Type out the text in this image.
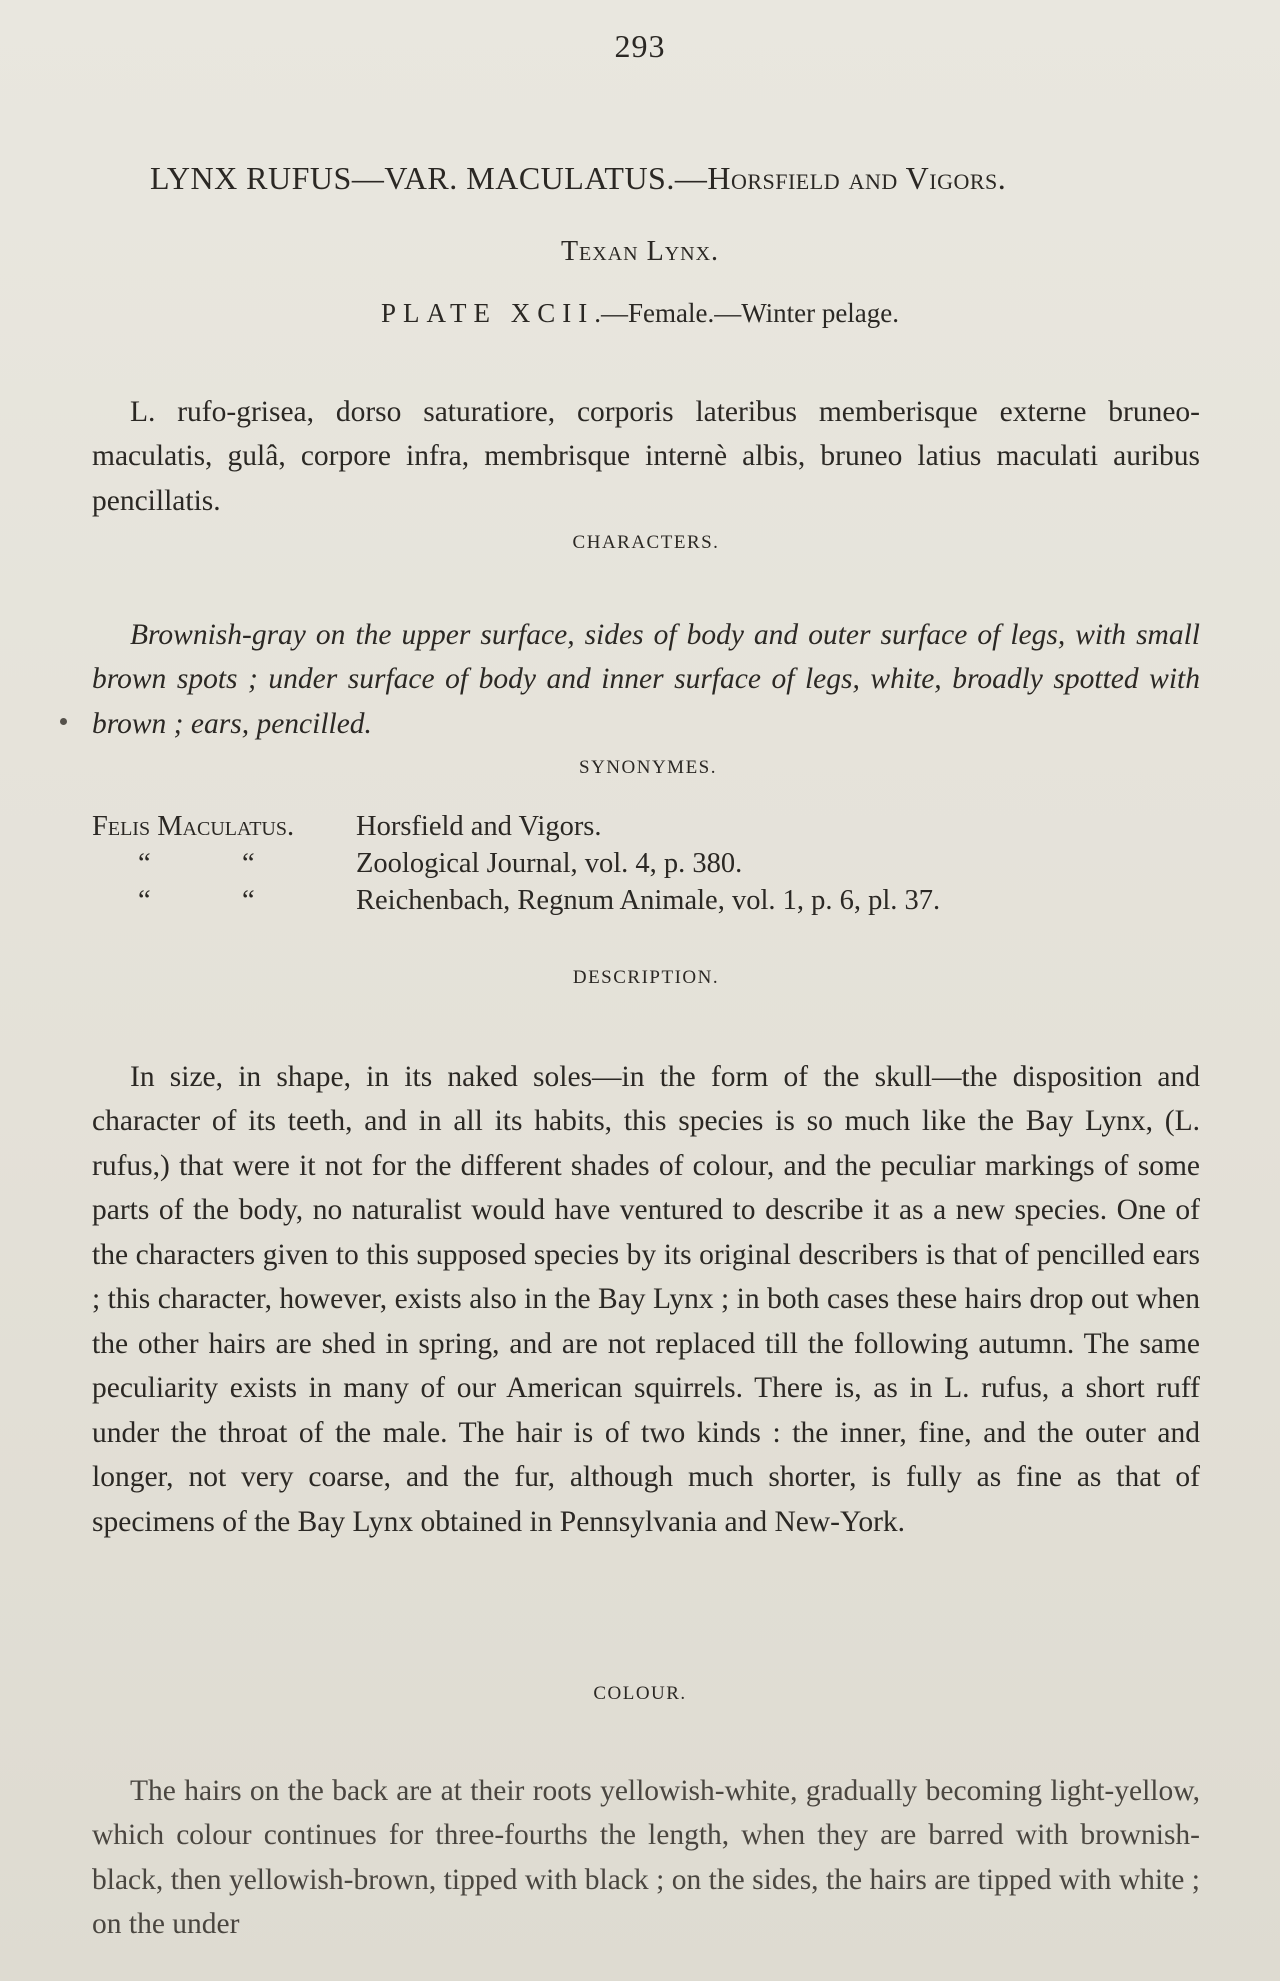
293
LYNX RUFUS—VAR. MACULATUS.—Horsfield and Vigors.
Texan Lynx.
PLATE XCII.—Female.—Winter pelage.

L. rufo-grisea, dorso saturatiore, corporis lateribus memberisque externe bruneo-maculatis, gulâ, corpore infra, membrisque internè albis, bruneo latius maculati auribus pencillatis.

CHARACTERS.

Brownish-gray on the upper surface, sides of body and outer surface of legs, with small brown spots ; under surface of body and inner surface of legs, white, broadly spotted with brown ; ears, pencilled.

SYNONYMES.
Felis Maculatus. Horsfield and Vigors.
“	“	Zoological Journal, vol. 4, p. 380.
“	“	Reichenbach, Regnum Animale, vol. 1, p. 6, pl. 37.
DESCRIPTION.

In size, in shape, in its naked soles—in the form of the skull—the disposition and character of its teeth, and in all its habits, this species is so much like the Bay Lynx, (L. rufus,) that were it not for the different shades of colour, and the peculiar markings of some parts of the body, no naturalist would have ventured to describe it as a new species. One of the characters given to this supposed species by its original describers is that of pencilled ears ; this character, however, exists also in the Bay Lynx ; in both cases these hairs drop out when the other hairs are shed in spring, and are not replaced till the following autumn. The same peculiarity exists in many of our American squirrels. There is, as in L. rufus, a short ruff under the throat of the male. The hair is of two kinds : the inner, fine, and the outer and longer, not very coarse, and the fur, although much shorter, is fully as fine as that of specimens of the Bay Lynx obtained in Pennsylvania and New-York.

COLOUR.

The hairs on the back are at their roots yellowish-white, gradually becoming light-yellow, which colour continues for three-fourths the length, when they are barred with brownish-black, then yellowish-brown, tipped with black ; on the sides, the hairs are tipped with white ; on the under
